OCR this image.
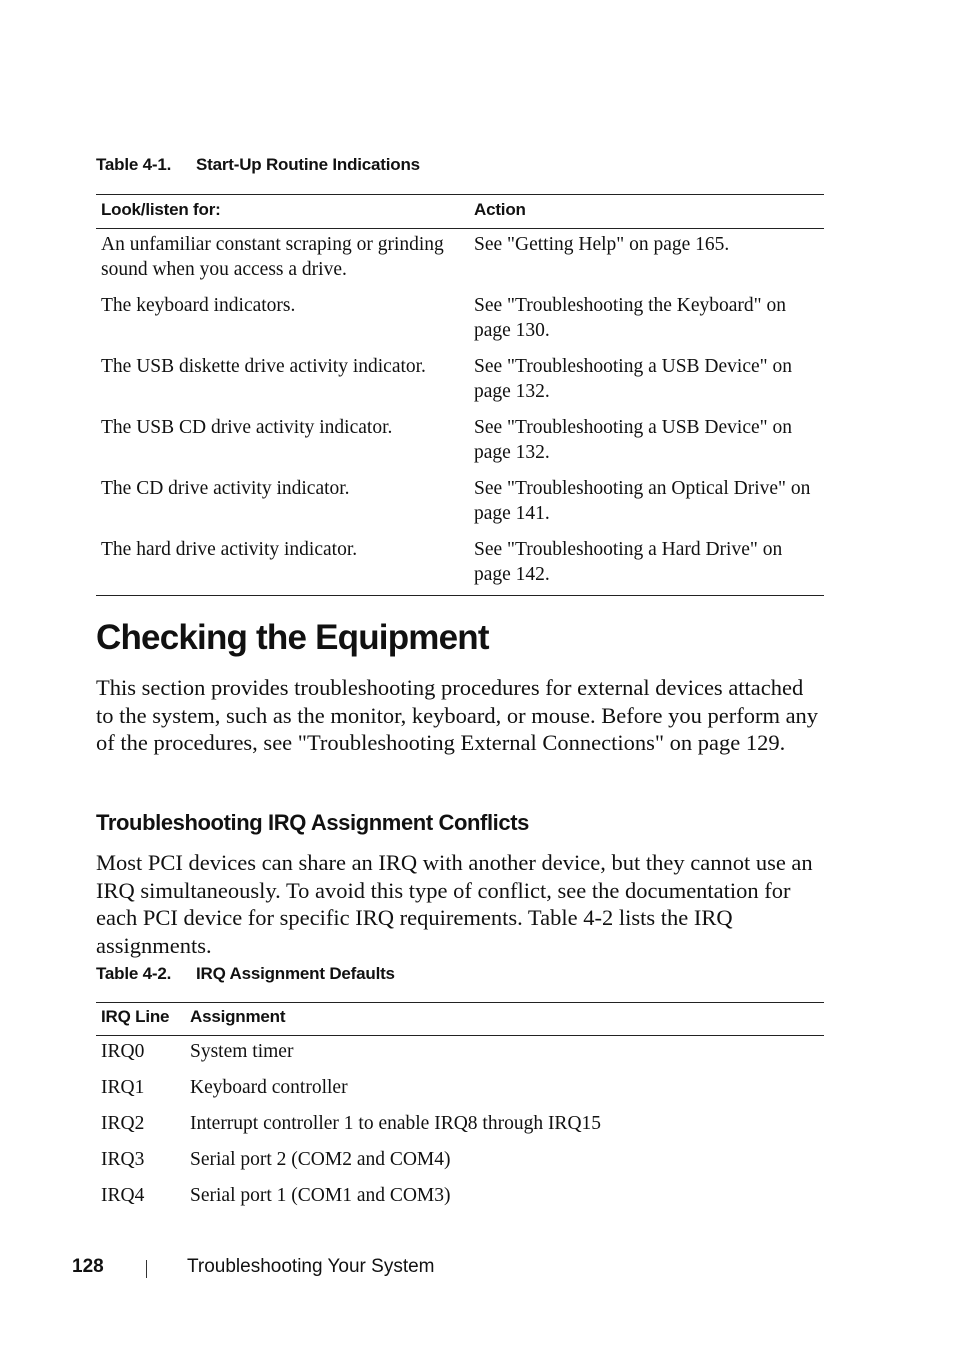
Table 4-1. Start-Up Routine Indications
Look/listen for:	Action
An unfamiliar constant scraping or grinding sound when you access a drive.	See "Getting Help" on page 165.
The keyboard indicators.	See "Troubleshooting the Keyboard" on page 130.
The USB diskette drive activity indicator.	See "Troubleshooting a USB Device" on page 132.
The USB CD drive activity indicator.	See "Troubleshooting a USB Device" on page 132.
The CD drive activity indicator.	See "Troubleshooting an Optical Drive" on page 141.
The hard drive activity indicator.	See "Troubleshooting a Hard Drive" on page 142.
Checking the Equipment

This section provides troubleshooting procedures for external devices attached to the system, such as the monitor, keyboard, or mouse. Before you perform any of the procedures, see "Troubleshooting External Connections" on page 129.

Troubleshooting IRQ Assignment Conflicts

Most PCI devices can share an IRQ with another device, but they cannot use an IRQ simultaneously. To avoid this type of conflict, see the documentation for each PCI device for specific IRQ requirements. Table 4-2 lists the IRQ assignments.

Table 4-2. IRQ Assignment Defaults
IRQ Line	Assignment
IRQ0	System timer
IRQ1	Keyboard controller
IRQ2	Interrupt controller 1 to enable IRQ8 through IRQ15
IRQ3	Serial port 2 (COM2 and COM4)
IRQ4	Serial port 1 (COM1 and COM3)
128	Troubleshooting Your System
